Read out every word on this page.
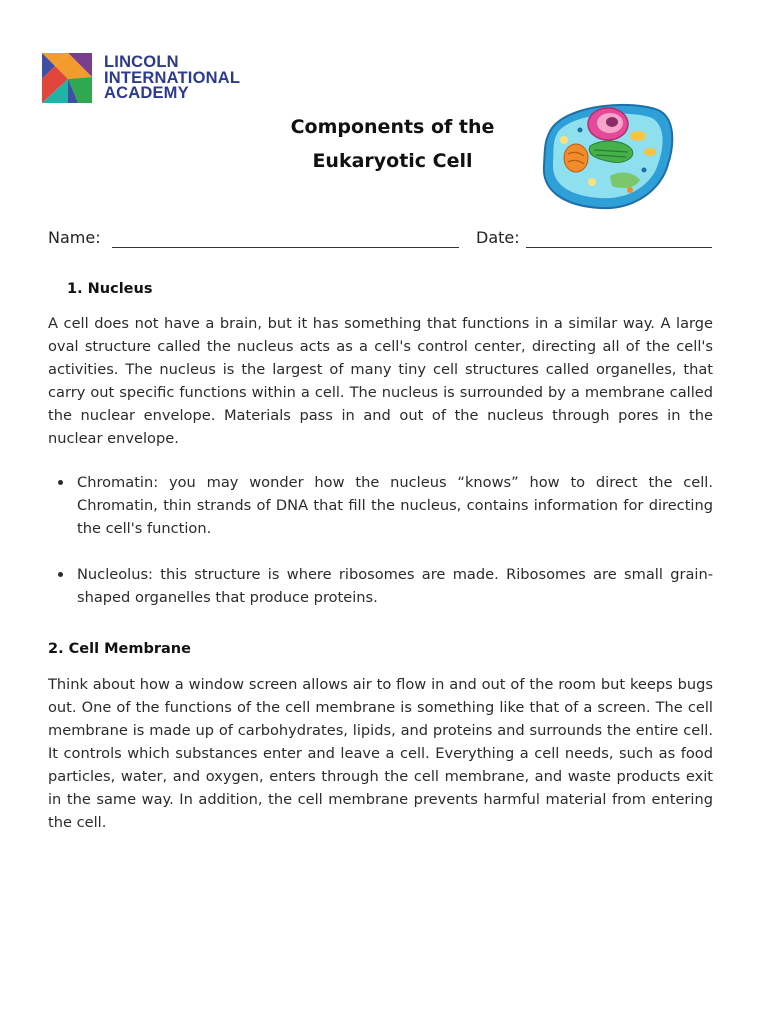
LINCOLN
INTERNATIONAL
ACADEMY
Components of the
Eukaryotic Cell
Name:	Date:
1. Nucleus
A cell does not have a brain, but it has something that functions in a similar way. A large oval structure called the nucleus acts as a cell's control center, directing all of the cell's activities. The nucleus is the largest of many tiny cell structures called organelles, that carry out specific functions within a cell. The nucleus is surrounded by a membrane called the nuclear envelope. Materials pass in and out of the nucleus through pores in the nuclear envelope.
Chromatin: you may wonder how the nucleus “knows” how to direct the cell. Chromatin, thin strands of DNA that fill the nucleus, contains information for directing the cell's function.
Nucleolus: this structure is where ribosomes are made. Ribosomes are small grain-shaped organelles that produce proteins.
2. Cell Membrane
Think about how a window screen allows air to flow in and out of the room but keeps bugs out. One of the functions of the cell membrane is something like that of a screen. The cell membrane is made up of carbohydrates, lipids, and proteins and surrounds the entire cell. It controls which substances enter and leave a cell. Everything a cell needs, such as food particles, water, and oxygen, enters through the cell membrane, and waste products exit in the same way. In addition, the cell membrane prevents harmful material from entering the cell.
